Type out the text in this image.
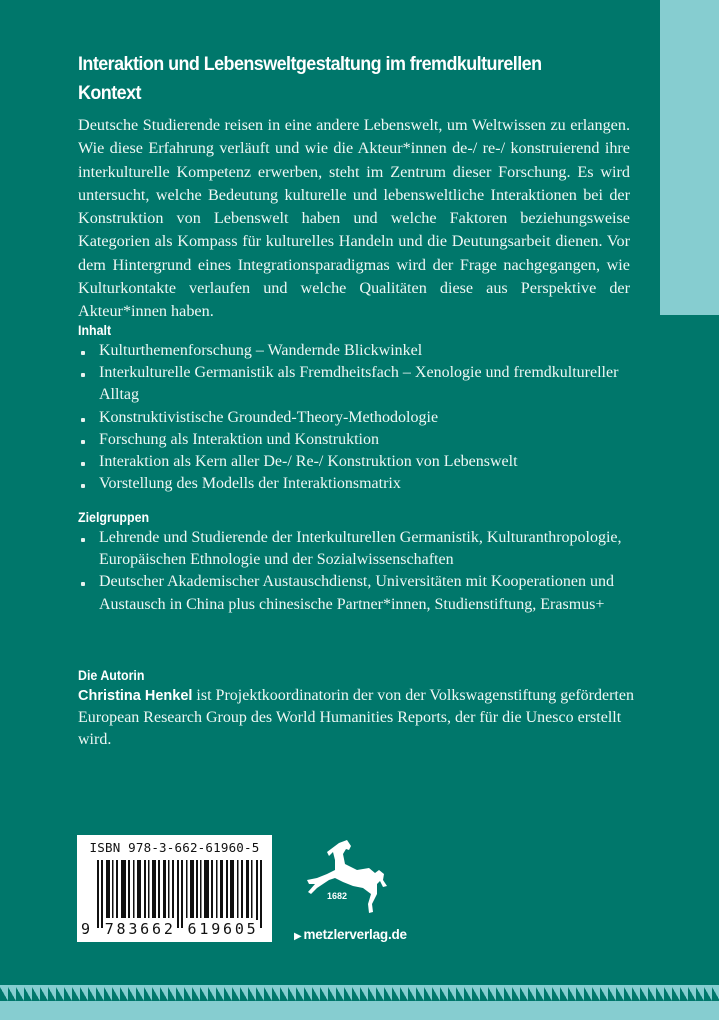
Interaktion und Lebensweltgestaltung im fremdkulturellen Kontext

Deutsche Studierende reisen in eine andere Lebenswelt, um Weltwissen zu erlangen. Wie diese Erfahrung verläuft und wie die Akteur*innen de-/ re-/ konstruierend ihre interkulturelle Kompetenz erwerben, steht im Zentrum dieser Forschung. Es wird untersucht, welche Bedeutung kulturelle und lebensweltliche Interaktionen bei der Konstruktion von Lebenswelt haben und welche Faktoren beziehungsweise Kategorien als Kompass für kulturelles Handeln und die Deutungsarbeit dienen. Vor dem Hintergrund eines Integrationsparadigmas wird der Frage nachgegangen, wie Kulturkontakte verlaufen und welche Qualitäten diese aus Perspektive der Akteur*innen haben.

Inhalt
Kulturthemenforschung – Wandernde Blickwinkel
Interkulturelle Germanistik als Fremdheitsfach – Xenologie und fremdkultureller Alltag
Konstruktivistische Grounded-Theory-Methodologie
Forschung als Interaktion und Konstruktion
Interaktion als Kern aller De-/ Re-/ Konstruktion von Lebenswelt
Vorstellung des Modells der Interaktionsmatrix
Zielgruppen
Lehrende und Studierende der Interkulturellen Germanistik, Kulturanthropologie, Europäischen Ethnologie und der Sozialwissenschaften
Deutscher Akademischer Austauschdienst, Universitäten mit Kooperationen und Austausch in China plus chinesische Partner*innen, Studienstiftung, Erasmus+
Die Autorin

Christina Henkel ist Projektkoordinatorin der von der Volkswagenstiftung geförderten European Research Group des World Humanities Reports, der für die Unesco erstellt wird.

ISBN 978-3-662-61960-5
9 783662 619605
1682
▶ metzlerverlag.de
